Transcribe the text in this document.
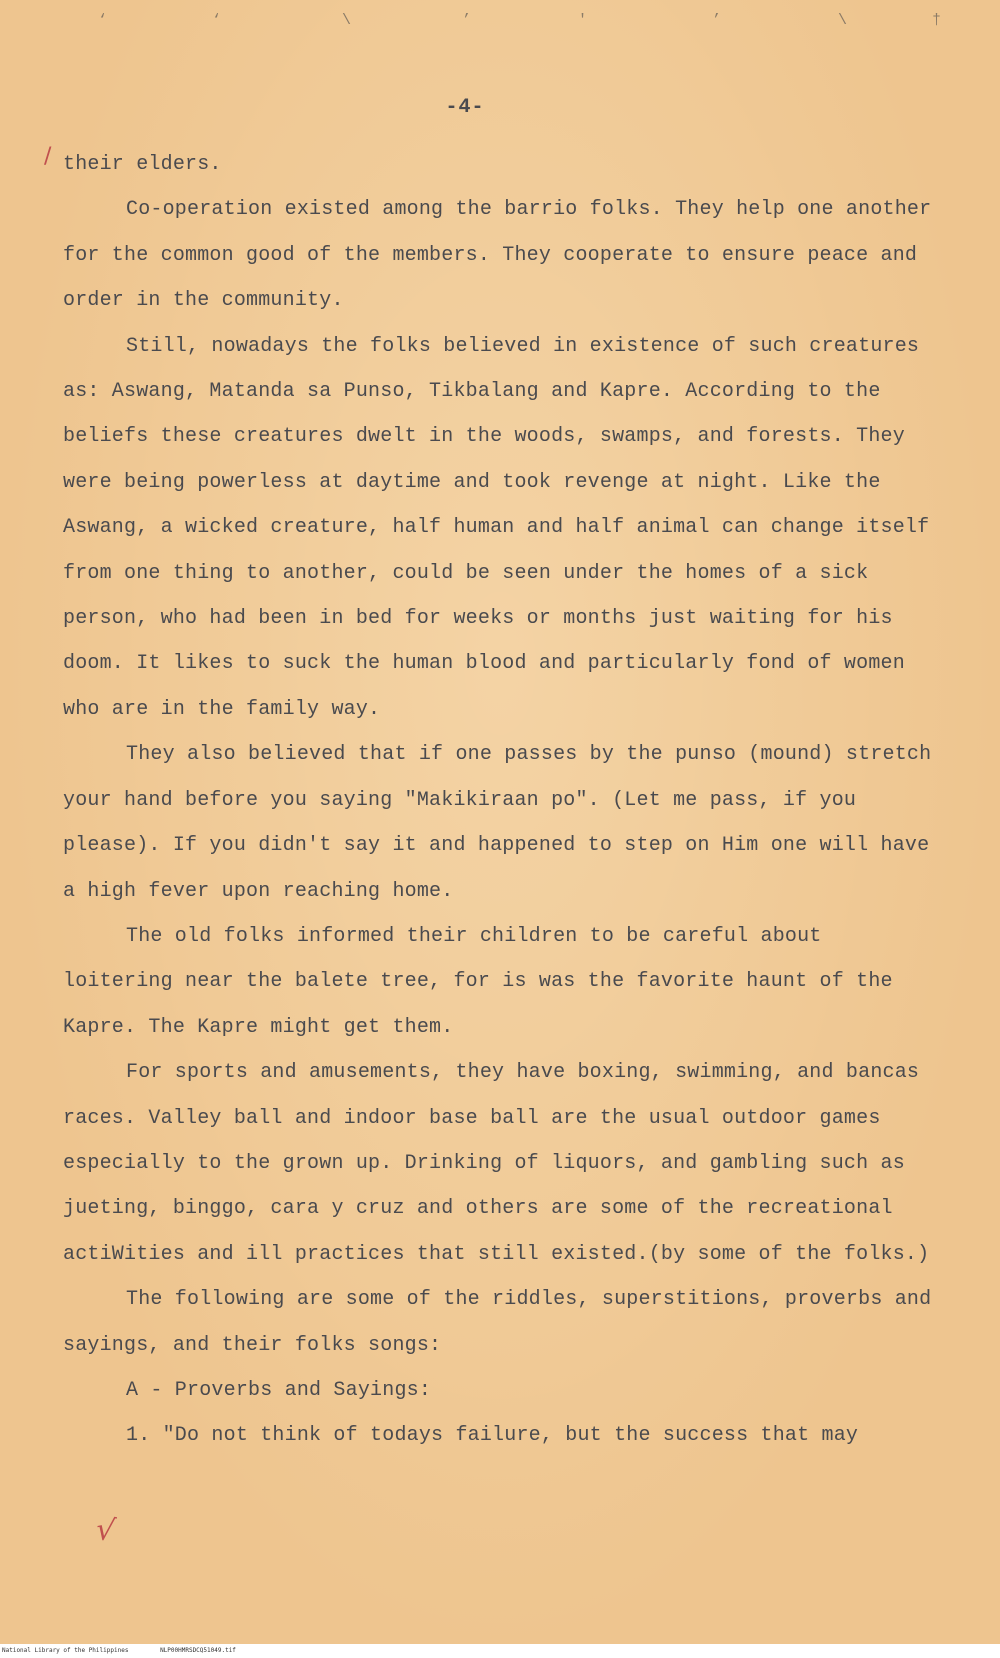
‘	‘	\	’	'	’	\	†
-4-
/ their elders.

Co-operation existed among the barrio folks. They help one another for the common good of the members. They cooperate to ensure peace and order in the community.

Still, nowadays the folks believed in existence of such creatures as: Aswang, Matanda sa Punso, Tikbalang and Kapre. According to the beliefs these creatures dwelt in the woods, swamps, and forests. They were being powerless at daytime and took revenge at night. Like the Aswang, a wicked creature, half human and half animal can change itself from one thing to another, could be seen under the homes of a sick person, who had been in bed for weeks or months just waiting for his doom. It likes to suck the human blood and particularly fond of women who are in the family way.

They also believed that if one passes by the punso (mound) stretch your hand before you saying "Makikiraan po". (Let me pass, if you please). If you didn't say it and happened to step on Him one will have a high fever upon reaching home.

The old folks informed their children to be careful about loitering near the balete tree, for is was the favorite haunt of the Kapre. The Kapre might get them.

For sports and amusements, they have boxing, swimming, and bancas races. Valley ball and indoor base ball are the usual outdoor games especially to the grown up. Drinking of liquors, and gambling such as jueting, binggo, cara y cruz and others are some of the recreational actiWities and ill practices that still existed.(by some of the folks.)

The following are some of the riddles, superstitions, proverbs and sayings, and their folks songs:

A - Proverbs and Sayings:

1. "Do not think of todays failure, but the success that may

√
National Library of the Philippines	NLP00HMRSDCQ51049.tif
